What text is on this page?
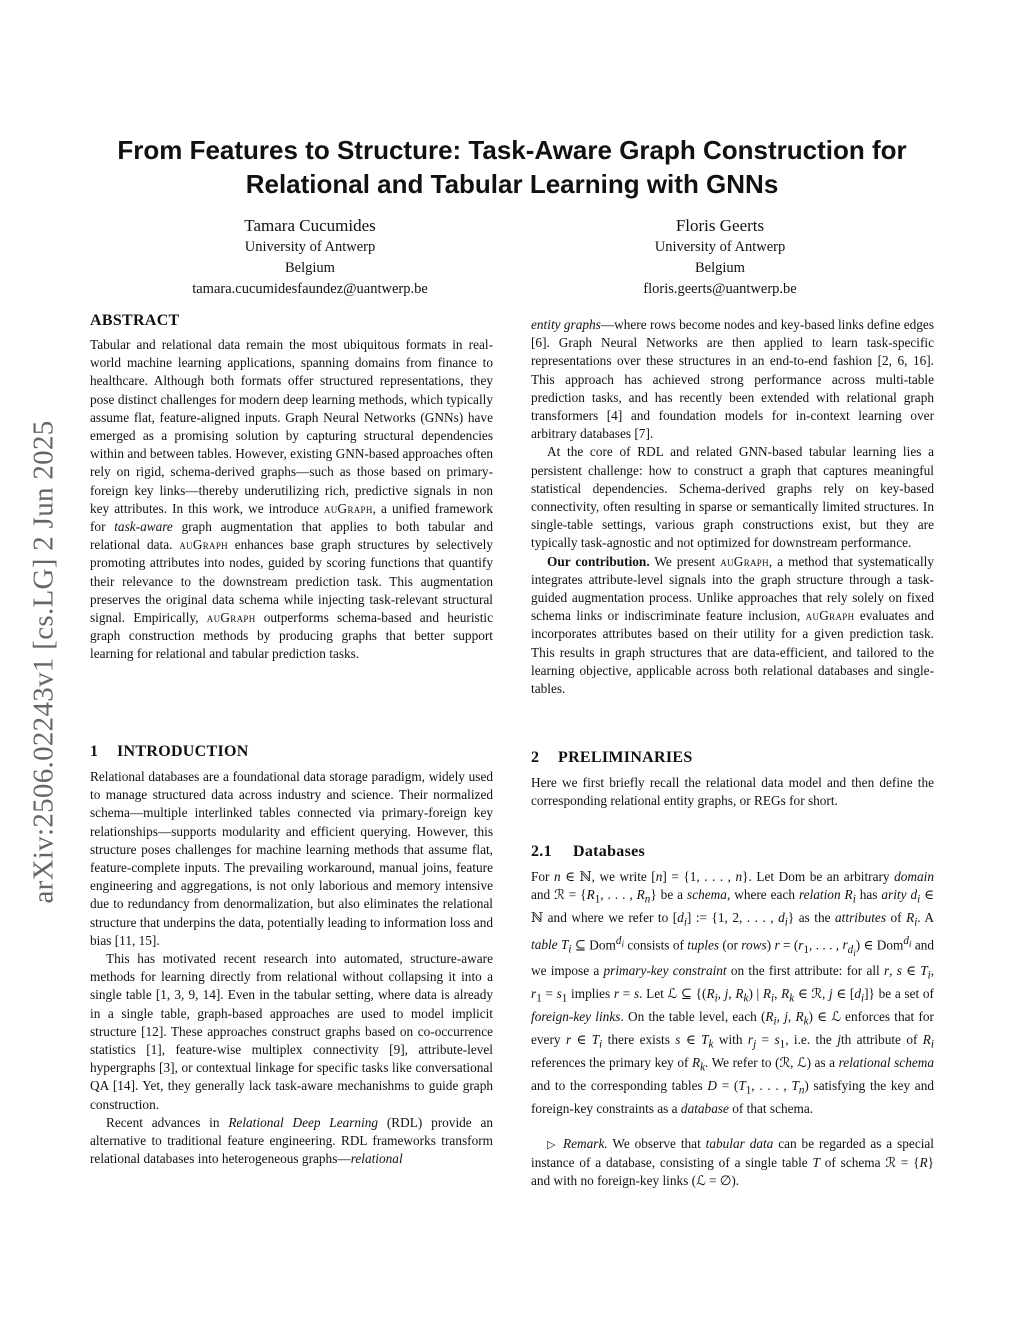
arXiv:2506.02243v1 [cs.LG] 2 Jun 2025
From Features to Structure: Task-Aware Graph Construction for
Relational and Tabular Learning with GNNs
Tamara Cucumides
University of Antwerp
Belgium
tamara.cucumidesfaundez@uantwerp.be
Floris Geerts
University of Antwerp
Belgium
floris.geerts@uantwerp.be
ABSTRACT

Tabular and relational data remain the most ubiquitous formats in real-world machine learning applications, spanning domains from finance to healthcare. Although both formats offer structured representations, they pose distinct challenges for modern deep learning methods, which typically assume flat, feature-aligned inputs. Graph Neural Networks (GNNs) have emerged as a promising solution by capturing structural dependencies within and between tables. However, existing GNN-based approaches often rely on rigid, schema-derived graphs—such as those based on primary-foreign key links—thereby underutilizing rich, predictive signals in non key attributes. In this work, we introduce auGraph, a unified framework for task-aware graph augmentation that applies to both tabular and relational data. auGraph enhances base graph structures by selectively promoting attributes into nodes, guided by scoring functions that quantify their relevance to the downstream prediction task. This augmentation preserves the original data schema while injecting task-relevant structural signal. Empirically, auGraph outperforms schema-based and heuristic graph construction methods by producing graphs that better support learning for relational and tabular prediction tasks.

1 INTRODUCTION

Relational databases are a foundational data storage paradigm, widely used to manage structured data across industry and science. Their normalized schema—multiple interlinked tables connected via primary-foreign key relationships—supports modularity and efficient querying. However, this structure poses challenges for machine learning methods that assume flat, feature-complete inputs. The prevailing workaround, manual joins, feature engineering and aggregations, is not only laborious and memory intensive due to redundancy from denormalization, but also eliminates the relational structure that underpins the data, potentially leading to information loss and bias [11, 15].

This has motivated recent research into automated, structure-aware methods for learning directly from relational without collapsing it into a single table [1, 3, 9, 14]. Even in the tabular setting, where data is already in a single table, graph-based approaches are used to model implicit structure [12]. These approaches construct graphs based on co-occurrence statistics [1], feature-wise multiplex connectivity [9], attribute-level hypergraphs [3], or contextual linkage for specific tasks like conversational QA [14]. Yet, they generally lack task-aware mechanishms to guide graph construction.

Recent advances in Relational Deep Learning (RDL) provide an alternative to traditional feature engineering. RDL frameworks transform relational databases into heterogeneous graphs—relational

entity graphs—where rows become nodes and key-based links define edges [6]. Graph Neural Networks are then applied to learn task-specific representations over these structures in an end-to-end fashion [2, 6, 16]. This approach has achieved strong performance across multi-table prediction tasks, and has recently been extended with relational graph transformers [4] and foundation models for in-context learning over arbitrary databases [7].

At the core of RDL and related GNN-based tabular learning lies a persistent challenge: how to construct a graph that captures meaningful statistical dependencies. Schema-derived graphs rely on key-based connectivity, often resulting in sparse or semantically limited structures. In single-table settings, various graph constructions exist, but they are typically task-agnostic and not optimized for downstream performance.

Our contribution. We present auGraph, a method that systematically integrates attribute-level signals into the graph structure through a task-guided augmentation process. Unlike approaches that rely solely on fixed schema links or indiscriminate feature inclusion, auGraph evaluates and incorporates attributes based on their utility for a given prediction task. This results in graph structures that are data-efficient, and tailored to the learning objective, applicable across both relational databases and single-tables.

2 PRELIMINARIES

Here we first briefly recall the relational data model and then define the corresponding relational entity graphs, or REGs for short.

2.1 Databases

For n ∈ ℕ, we write [n] = {1, . . . , n}. Let Dom be an arbitrary domain and ℛ = {$R_1$, . . . , $R_n$} be a schema, where each relation $R_i$ has arity $d_i$ ∈ ℕ and where we refer to $[d_i]$ := {1, 2, . . . , $d_i$} as the attributes of $R_i$. A table $T_i$ ⊆ Dom$^{d_i}$ consists of tuples (or rows) $r = (r_1$, . . . , $r_{d_i}$) ∈ Dom$^{d_i}$ and we impose a primary-key constraint on the first attribute: for all r, s ∈ $T_i$, $r_1 = s_1$ implies r = s. Let ℒ ⊆ {($R_i$, j, $R_k$) | $R_i$, $R_k$ ∈ ℛ, j ∈ $[d_i]$} be a set of foreign-key links. On the table level, each ($R_i$, j, $R_k$) ∈ ℒ enforces that for every r ∈ $T_i$ there exists s ∈ $T_k$ with $r_j = s_1$, i.e. the jth attribute of $R_i$ references the primary key of $R_k$. We refer to (ℛ, ℒ) as a relational schema and to the corresponding tables $D = (T_1$, . . . , $T_n$) satisfying the key and foreign-key constraints as a database of that schema.

▷ Remark. We observe that tabular data can be regarded as a special instance of a database, consisting of a single table T of schema ℛ = {R} and with no foreign-key links (ℒ = ∅).
